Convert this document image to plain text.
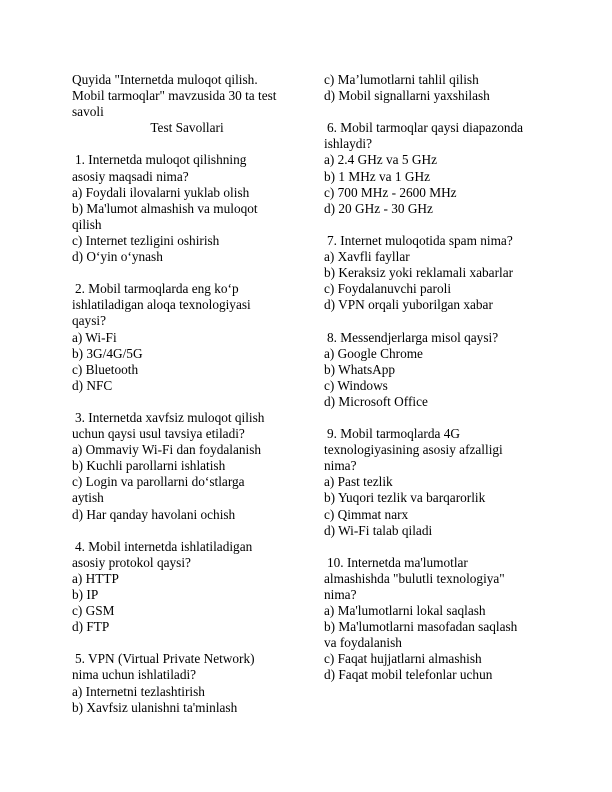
Quyida "Internetda muloqot qilish.
Mobil tarmoqlar" mavzusida 30 ta test
savoli
Test Savollari
1. Internetda muloqot qilishning
asosiy maqsadi nima?
a) Foydali ilovalarni yuklab olish
b) Ma'lumot almashish va muloqot
qilish
c) Internet tezligini oshirish
d) O‘yin o‘ynash
2. Mobil tarmoqlarda eng ko‘p
ishlatiladigan aloqa texnologiyasi
qaysi?
a) Wi-Fi
b) 3G/4G/5G
c) Bluetooth
d) NFC
3. Internetda xavfsiz muloqot qilish
uchun qaysi usul tavsiya etiladi?
a) Ommaviy Wi-Fi dan foydalanish
b) Kuchli parollarni ishlatish
c) Login va parollarni do‘stlarga
aytish
d) Har qanday havolani ochish
4. Mobil internetda ishlatiladigan
asosiy protokol qaysi?
a) HTTP
b) IP
c) GSM
d) FTP
5. VPN (Virtual Private Network)
nima uchun ishlatiladi?
a) Internetni tezlashtirish
b) Xavfsiz ulanishni ta'minlash
c) Ma’lumotlarni tahlil qilish
d) Mobil signallarni yaxshilash
6. Mobil tarmoqlar qaysi diapazonda
ishlaydi?
a) 2.4 GHz va 5 GHz
b) 1 MHz va 1 GHz
c) 700 MHz - 2600 MHz
d) 20 GHz - 30 GHz
7. Internet muloqotida spam nima?
a) Xavfli fayllar
b) Keraksiz yoki reklamali xabarlar
c) Foydalanuvchi paroli
d) VPN orqali yuborilgan xabar
8. Messendjerlarga misol qaysi?
a) Google Chrome
b) WhatsApp
c) Windows
d) Microsoft Office
9. Mobil tarmoqlarda 4G
texnologiyasining asosiy afzalligi
nima?
a) Past tezlik
b) Yuqori tezlik va barqarorlik
c) Qimmat narx
d) Wi-Fi talab qiladi
10. Internetda ma'lumotlar
almashishda "bulutli texnologiya"
nima?
a) Ma'lumotlarni lokal saqlash
b) Ma'lumotlarni masofadan saqlash
va foydalanish
c) Faqat hujjatlarni almashish
d) Faqat mobil telefonlar uchun
